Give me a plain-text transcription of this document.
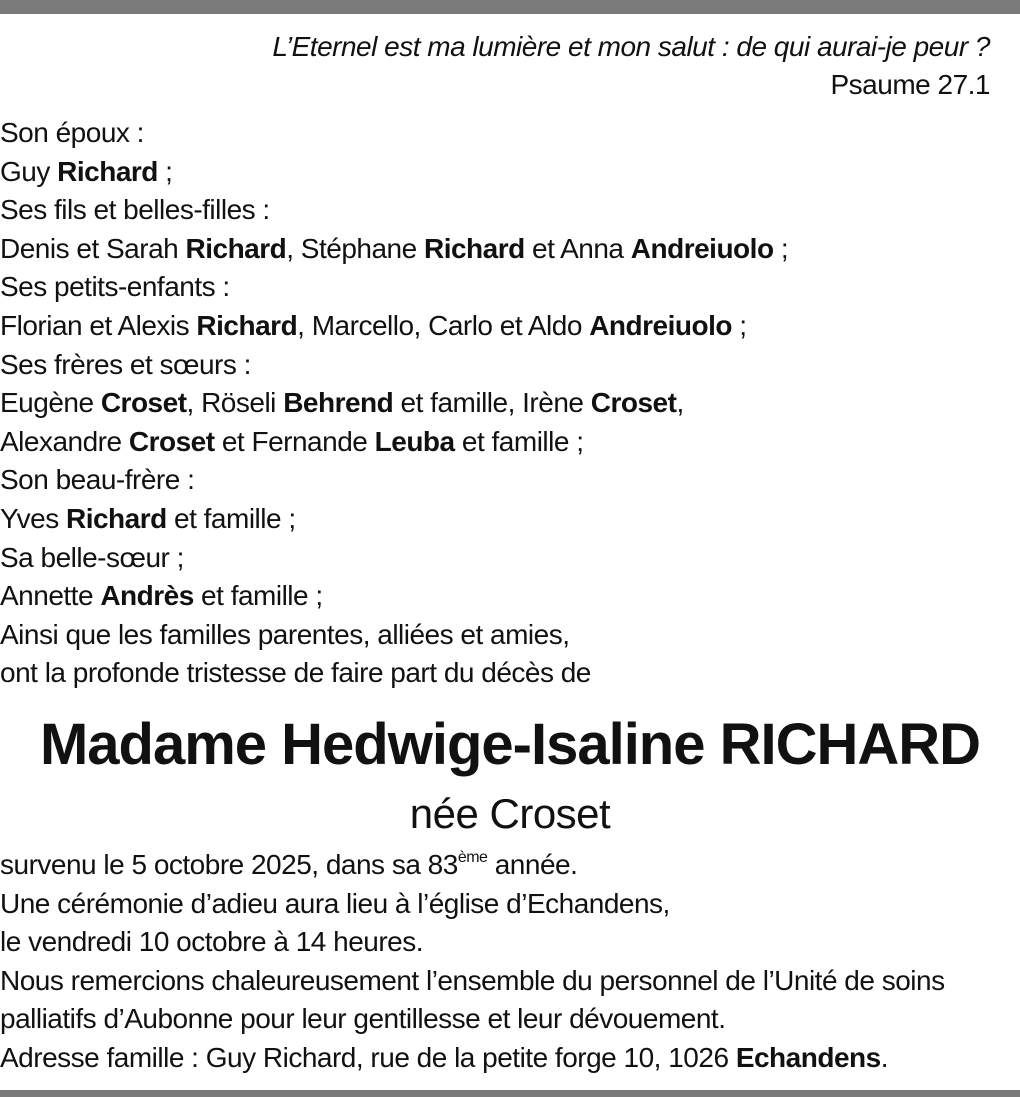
L’Eternel est ma lumière et mon salut : de qui aurai-je peur ?
Psaume 27.1
Son époux :
Guy Richard ;
Ses fils et belles-filles :
Denis et Sarah Richard, Stéphane Richard et Anna Andreiuolo ;
Ses petits-enfants :
Florian et Alexis Richard, Marcello, Carlo et Aldo Andreiuolo ;
Ses frères et sœurs :
Eugène Croset, Röseli Behrend et famille, Irène Croset,
Alexandre Croset et Fernande Leuba et famille ;
Son beau-frère :
Yves Richard et famille ;
Sa belle-sœur ;
Annette Andrès et famille ;
Ainsi que les familles parentes, alliées et amies,
ont la profonde tristesse de faire part du décès de
Madame Hedwige-Isaline RICHARD
née Croset
survenu le 5 octobre 2025, dans sa 83ème année.
Une cérémonie d’adieu aura lieu à l’église d’Echandens,
le vendredi 10 octobre à 14 heures.
Nous remercions chaleureusement l’ensemble du personnel de l’Unité de soins
palliatifs d’Aubonne pour leur gentillesse et leur dévouement.
Adresse famille : Guy Richard, rue de la petite forge 10, 1026 Echandens.
